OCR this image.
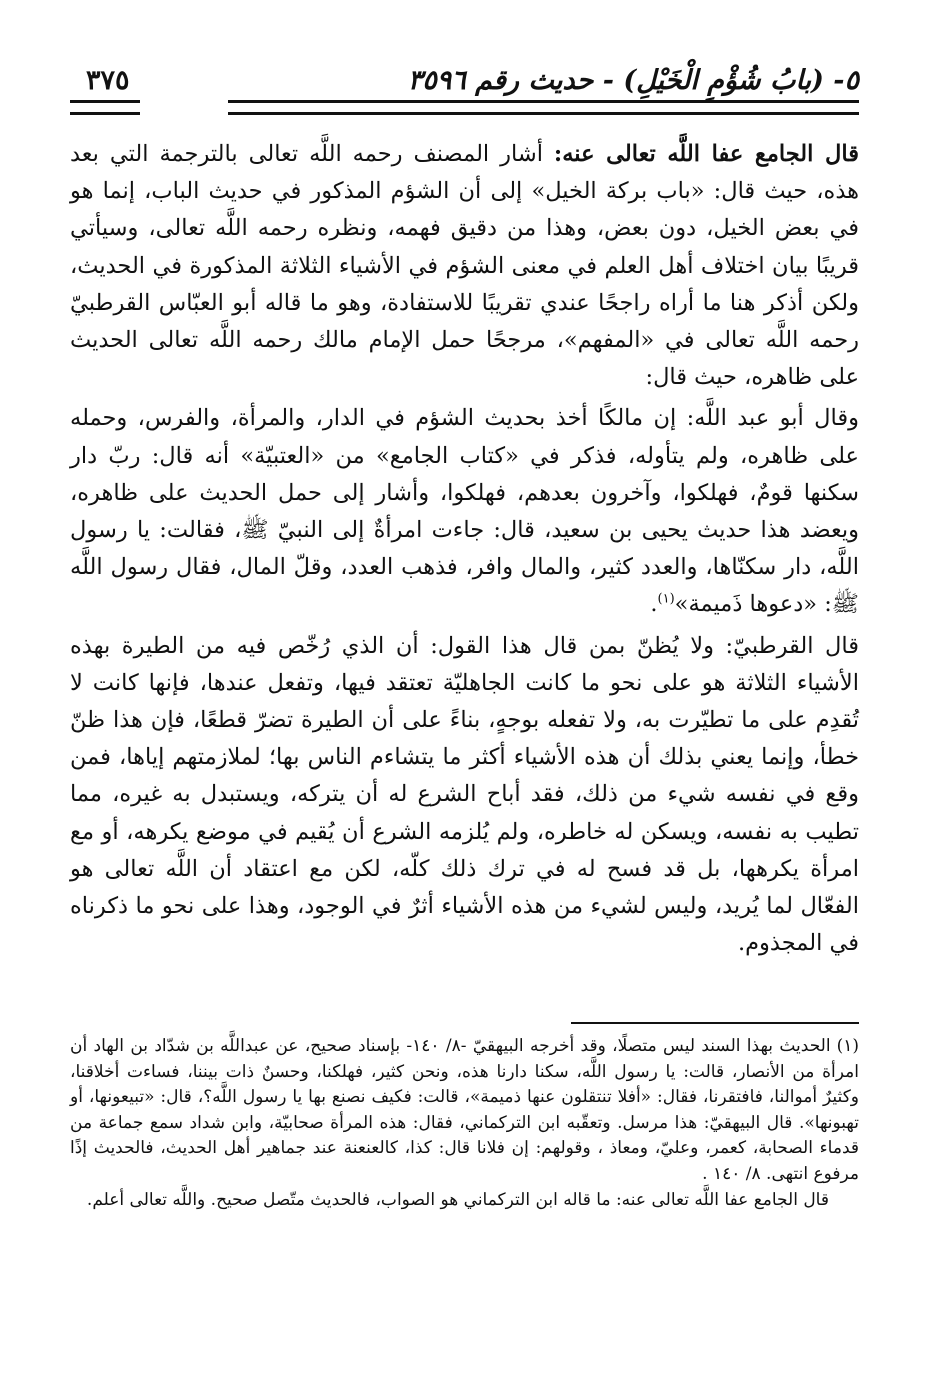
٥- (بابُ شُؤْمِ الْخَيْلِ) - حديث رقم ٣٥٩٦
٣٧٥

قال الجامع عفا اللَّه تعالى عنه: أشار المصنف رحمه اللَّه تعالى بالترجمة التي بعد هذه، حيث قال: «باب بركة الخيل» إلى أن الشؤم المذكور في حديث الباب، إنما هو في بعض الخيل، دون بعض، وهذا من دقيق فهمه، ونظره رحمه اللَّه تعالى، وسيأتي قريبًا بيان اختلاف أهل العلم في معنى الشؤم في الأشياء الثلاثة المذكورة في الحديث، ولكن أذكر هنا ما أراه راجحًا عندي تقريبًا للاستفادة، وهو ما قاله أبو العبّاس القرطبيّ رحمه اللَّه تعالى في «المفهم»، مرجحًا حمل الإمام مالك رحمه اللَّه تعالى الحديث على ظاهره، حيث قال:

وقال أبو عبد اللَّه: إن مالكًا أخذ بحديث الشؤم في الدار، والمرأة، والفرس، وحمله على ظاهره، ولم يتأوله، فذكر في «كتاب الجامع» من «العتبيّة» أنه قال: ربّ دار سكنها قومٌ، فهلكوا، وآخرون بعدهم، فهلكوا، وأشار إلى حمل الحديث على ظاهره، ويعضد هذا حديث يحيى بن سعيد، قال: جاءت امرأةٌ إلى النبيّ ﷺ، فقالت: يا رسول اللَّه، دار سكنّاها، والعدد كثير، والمال وافر، فذهب العدد، وقلّ المال، فقال رسول اللَّه ﷺ: «دعوها ذَميمة»$^{(١)}$.

قال القرطبيّ: ولا يُظنّ بمن قال هذا القول: أن الذي رُخّص فيه من الطيرة بهذه الأشياء الثلاثة هو على نحو ما كانت الجاهليّة تعتقد فيها، وتفعل عندها، فإنها كانت لا تُقدِم على ما تطيّرت به، ولا تفعله بوجهٍ، بناءً على أن الطيرة تضرّ قطعًا، فإن هذا ظنّ خطأ، وإنما يعني بذلك أن هذه الأشياء أكثر ما يتشاءم الناس بها؛ لملازمتهم إياها، فمن وقع في نفسه شيء من ذلك، فقد أباح الشرع له أن يتركه، ويستبدل به غيره، مما تطيب به نفسه، ويسكن له خاطره، ولم يُلزمه الشرع أن يُقيم في موضع يكرهه، أو مع امرأة يكرهها، بل قد فسح له في ترك ذلك كلّه، لكن مع اعتقاد أن اللَّه تعالى هو الفعّال لما يُريد، وليس لشيء من هذه الأشياء أثرٌ في الوجود، وهذا على نحو ما ذكرناه في المجذوم.

(١)الحديث بهذا السند ليس متصلًا، وقد أخرجه البيهقيّ -٨/ ١٤٠- بإسناد صحيح، عن عبداللَّه بن شدّاد بن الهاد أن امرأة من الأنصار، قالت: يا رسول اللَّه، سكنا دارنا هذه، ونحن كثير، فهلكنا، وحسنٌ ذات بيننا، فساءت أخلاقنا، وكثيرٌ أموالنا، فافتقرنا، فقال: «أفلا تنتقلون عنها ذميمة»، قالت: فكيف نصنع بها يا رسول اللَّه؟، قال: «تبيعونها، أو تهبونها». قال البيهقيّ: هذا مرسل. وتعقّبه ابن التركماني، فقال: هذه المرأة صحابيّة، وابن شداد سمع جماعة من قدماء الصحابة، كعمر، وعليّ، ومعاذ ، وقولهم: إن فلانا قال: كذا، كالعنعنة عند جماهير أهل الحديث، فالحديث إذًا مرفوع انتهى. ٨/ ١٤٠ .

قال الجامع عفا اللَّه تعالى عنه: ما قاله ابن التركماني هو الصواب، فالحديث متّصل صحيح. واللَّه تعالى أعلم.
